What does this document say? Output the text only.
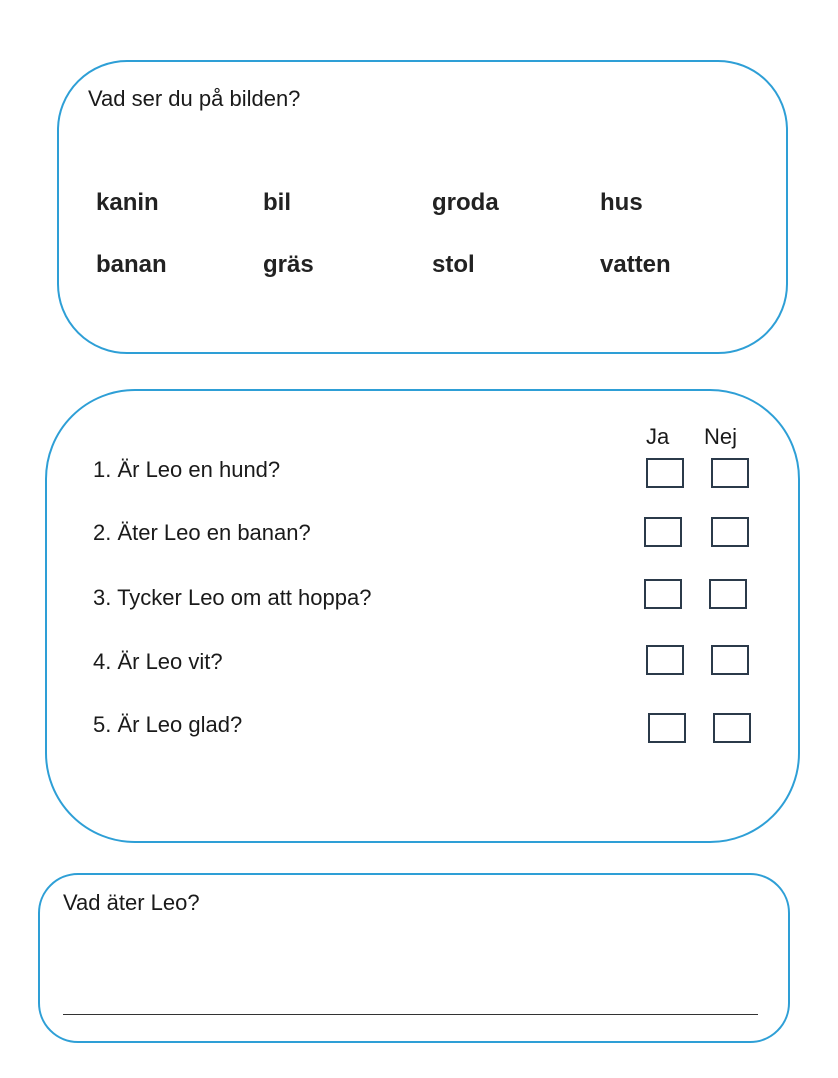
Vad ser du på bilden?
kanin	bil	groda	hus
banan	gräs	stol	vatten
Ja Nej
1. Är Leo en hund?
2. Äter Leo en banan?
3. Tycker Leo om att hoppa?
4. Är Leo vit?
5. Är Leo glad?
Vad äter Leo?
